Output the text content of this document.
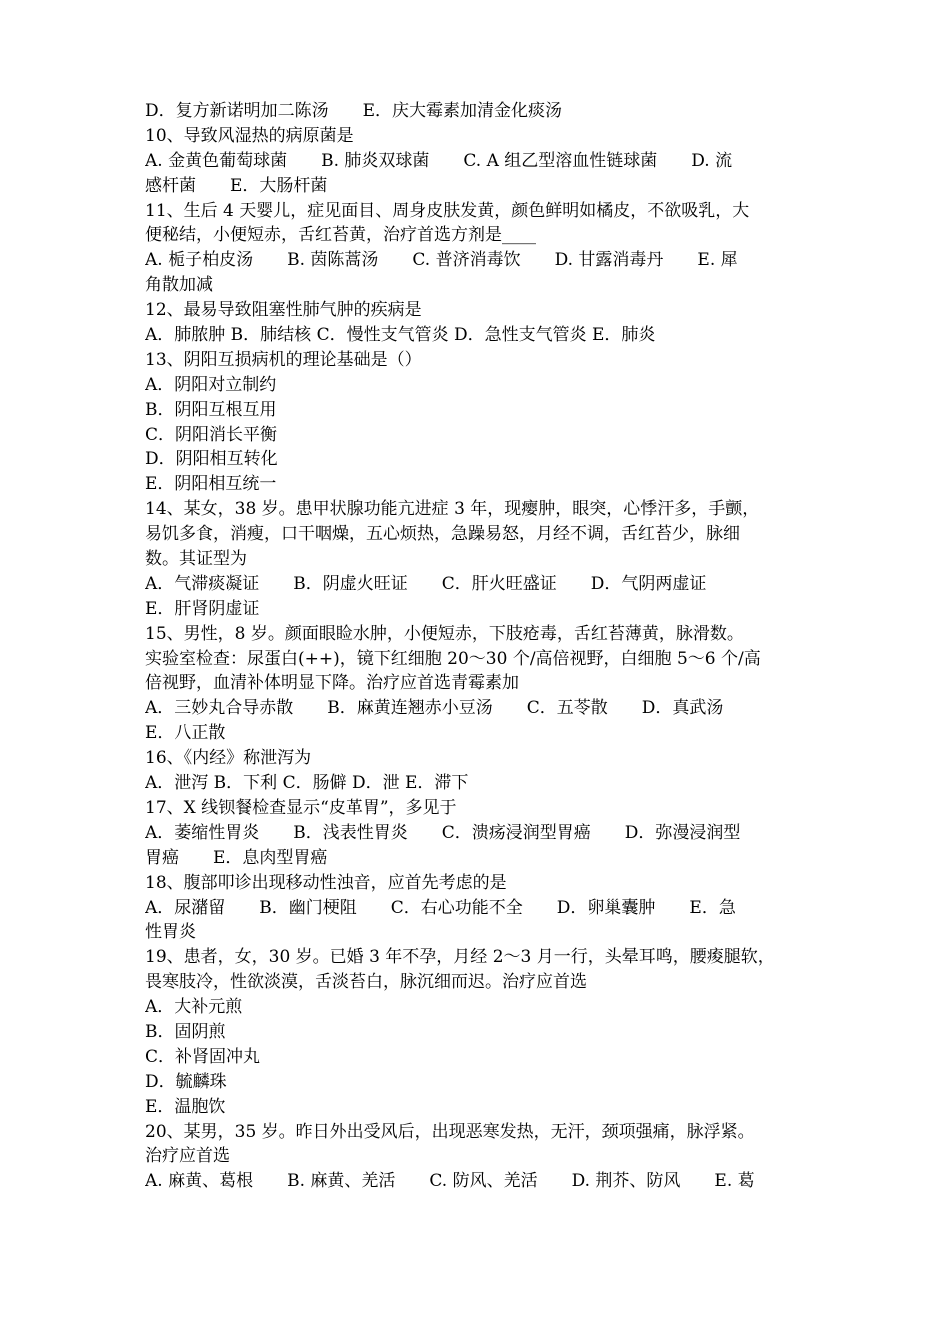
D．复方新诺明加二陈汤　　E．庆大霉素加清金化痰汤
10、导致风湿热的病原菌是
A. 金黄色葡萄球菌　　B. 肺炎双球菌　　C. A 组乙型溶血性链球菌　　D. 流
感杆菌　　E．大肠杆菌
11、生后 4 天婴儿，症见面目、周身皮肤发黄，颜色鲜明如橘皮，不欲吸乳，大
便秘结，小便短赤，舌红苔黄，治疗首选方剂是____
A. 栀子柏皮汤　　B. 茵陈蒿汤　　C. 普济消毒饮　　D. 甘露消毒丹　　E. 犀
角散加减
12、最易导致阻塞性肺气肿的疾病是
A．肺脓肿 B．肺结核 C．慢性支气管炎 D．急性支气管炎 E．肺炎
13、阴阳互损病机的理论基础是（）
A．阴阳对立制约
B．阴阳互根互用
C．阴阳消长平衡
D．阴阳相互转化
E．阴阳相互统一
14、某女，38 岁。患甲状腺功能亢进症 3 年，现瘿肿，眼突，心悸汗多，手颤，
易饥多食，消瘦，口干咽燥，五心烦热，急躁易怒，月经不调，舌红苔少，脉细
数。其证型为
A．气滞痰凝证　　B．阴虚火旺证　　C．肝火旺盛证　　D．气阴两虚证
E．肝肾阴虚证
15、男性，8 岁。颜面眼睑水肿，小便短赤，下肢疮毒，舌红苔薄黄，脉滑数。
实验室检查：尿蛋白(++)，镜下红细胞 20～30 个/高倍视野，白细胞 5～6 个/高
倍视野，血清补体明显下降。治疗应首选青霉素加
A．三妙丸合导赤散　　B．麻黄连翘赤小豆汤　　C．五苓散　　D．真武汤
E．八正散
16、《内经》称泄泻为
A．泄泻 B．下利 C．肠僻 D．泄 E．滞下
17、X 线钡餐检查显示“皮革胃”，多见于
A．萎缩性胃炎　　B．浅表性胃炎　　C．溃疡浸润型胃癌　　D．弥漫浸润型
胃癌　　E．息肉型胃癌
18、腹部叩诊出现移动性浊音，应首先考虑的是
A．尿潴留　　B．幽门梗阻　　C．右心功能不全　　D．卵巢囊肿　　E．急
性胃炎
19、患者，女，30 岁。已婚 3 年不孕，月经 2～3 月一行，头晕耳鸣，腰痠腿软，
畏寒肢冷，性欲淡漠，舌淡苔白，脉沉细而迟。治疗应首选
A．大补元煎
B．固阴煎
C．补肾固冲丸
D．毓麟珠
E．温胞饮
20、某男，35 岁。昨日外出受风后，出现恶寒发热，无汗，颈项强痛，脉浮紧。
治疗应首选
A. 麻黄、葛根　　B. 麻黄、羌活　　C. 防风、羌活　　D. 荆芥、防风　　E. 葛
